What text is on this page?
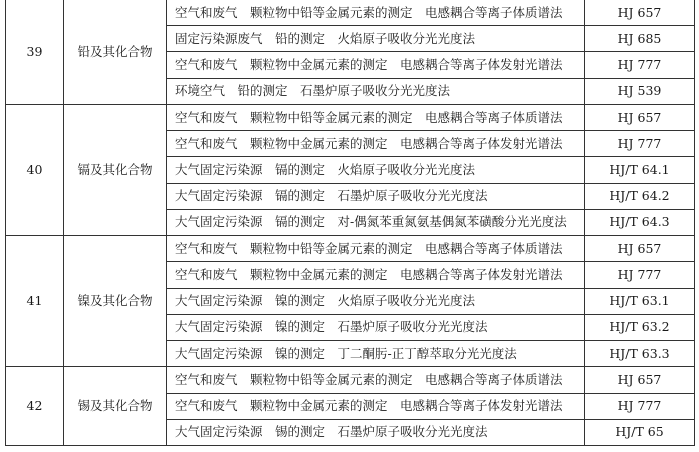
39	铅及其化合物	空气和废气　颗粒物中铅等金属元素的测定　电感耦合等离子体质谱法	HJ 657
		固定污染源废气　铅的测定　火焰原子吸收分光光度法	HJ 685
		空气和废气　颗粒物中金属元素的测定　电感耦合等离子体发射光谱法	HJ 777
		环境空气　铅的测定　石墨炉原子吸收分光光度法	HJ 539
40	镉及其化合物	空气和废气　颗粒物中铅等金属元素的测定　电感耦合等离子体质谱法	HJ 657
		空气和废气　颗粒物中金属元素的测定　电感耦合等离子体发射光谱法	HJ 777
		大气固定污染源　镉的测定　火焰原子吸收分光光度法	HJ/T 64.1
		大气固定污染源　镉的测定　石墨炉原子吸收分光光度法	HJ/T 64.2
		大气固定污染源　镉的测定　对-偶氮苯重氮氨基偶氮苯磺酸分光光度法	HJ/T 64.3
41	镍及其化合物	空气和废气　颗粒物中铅等金属元素的测定　电感耦合等离子体质谱法	HJ 657
		空气和废气　颗粒物中金属元素的测定　电感耦合等离子体发射光谱法	HJ 777
		大气固定污染源　镍的测定　火焰原子吸收分光光度法	HJ/T 63.1
		大气固定污染源　镍的测定　石墨炉原子吸收分光光度法	HJ/T 63.2
		大气固定污染源　镍的测定　丁二酮肟-正丁醇萃取分光光度法	HJ/T 63.3
42	锡及其化合物	空气和废气　颗粒物中铅等金属元素的测定　电感耦合等离子体质谱法	HJ 657
		空气和废气　颗粒物中金属元素的测定　电感耦合等离子体发射光谱法	HJ 777
		大气固定污染源　锡的测定　石墨炉原子吸收分光光度法	HJ/T 65
